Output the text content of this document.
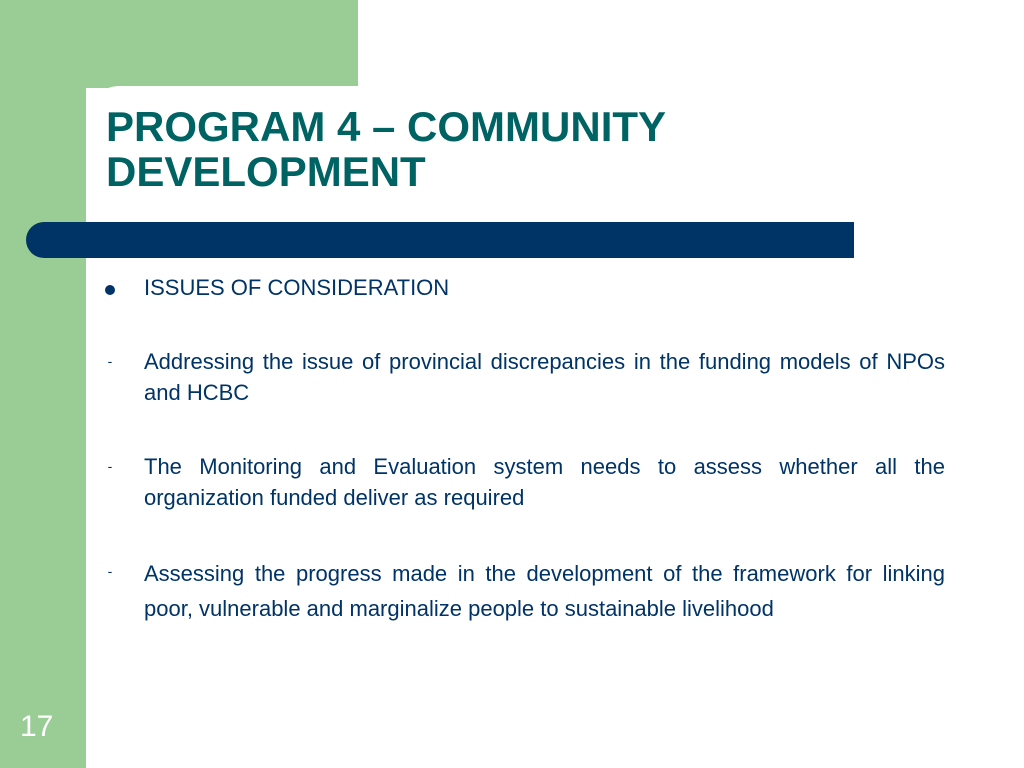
PROGRAM 4 – COMMUNITY
DEVELOPMENT
ISSUES OF CONSIDERATION
-	Addressing the issue of provincial discrepancies in the funding models of NPOs and HCBC
-	The Monitoring and Evaluation system needs to assess whether all the organization funded deliver as required
-	Assessing the progress made in the development of the framework for linking poor, vulnerable and marginalize people to sustainable livelihood
17
